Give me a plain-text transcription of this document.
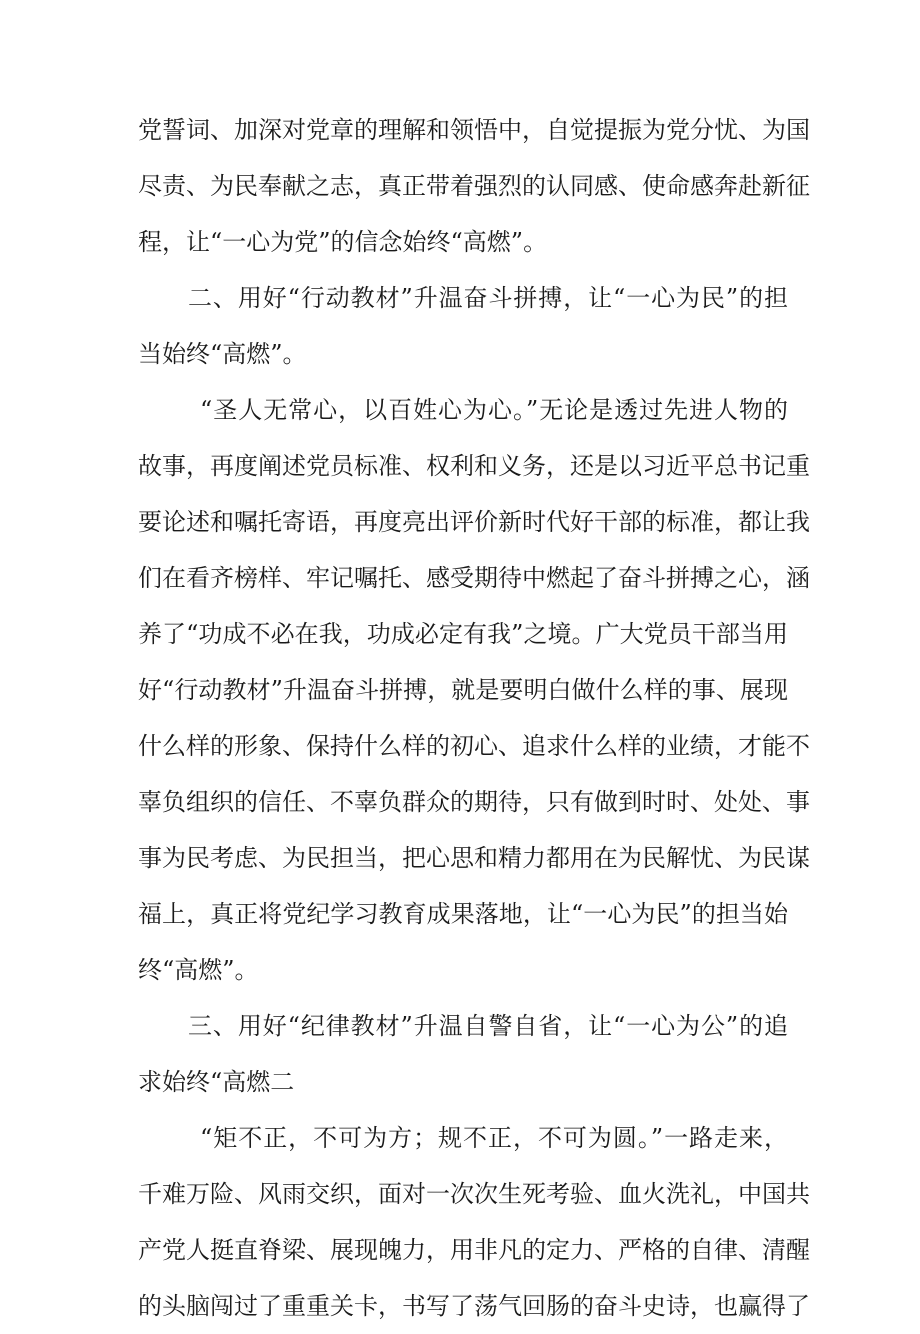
党誓词、加深对党章的理解和领悟中，自觉提振为党分忧、为国
尽责、为民奉献之志，真正带着强烈的认同感、使命感奔赴新征
程，让“一心为党”的信念始终“高燃”。
二、用好“行动教材”升温奋斗拼搏，让“一心为民”的担
当始终“高燃”。
“圣人无常心，以百姓心为心。”无论是透过先进人物的
故事，再度阐述党员标准、权利和义务，还是以习近平总书记重
要论述和嘱托寄语，再度亮出评价新时代好干部的标准，都让我
们在看齐榜样、牢记嘱托、感受期待中燃起了奋斗拼搏之心，涵
养了“功成不必在我，功成必定有我”之境。广大党员干部当用
好“行动教材”升温奋斗拼搏，就是要明白做什么样的事、展现
什么样的形象、保持什么样的初心、追求什么样的业绩，才能不
辜负组织的信任、不辜负群众的期待，只有做到时时、处处、事
事为民考虑、为民担当，把心思和精力都用在为民解忧、为民谋
福上，真正将党纪学习教育成果落地，让“一心为民”的担当始
终“高燃”。
三、用好“纪律教材”升温自警自省，让“一心为公”的追
求始终“高燃二
“矩不正，不可为方；规不正，不可为圆。”一路走来，
千难万险、风雨交织，面对一次次生死考验、血火洗礼，中国共
产党人挺直脊梁、展现魄力，用非凡的定力、严格的自律、清醒
的头脑闯过了重重关卡，书写了荡气回肠的奋斗史诗，也赢得了
